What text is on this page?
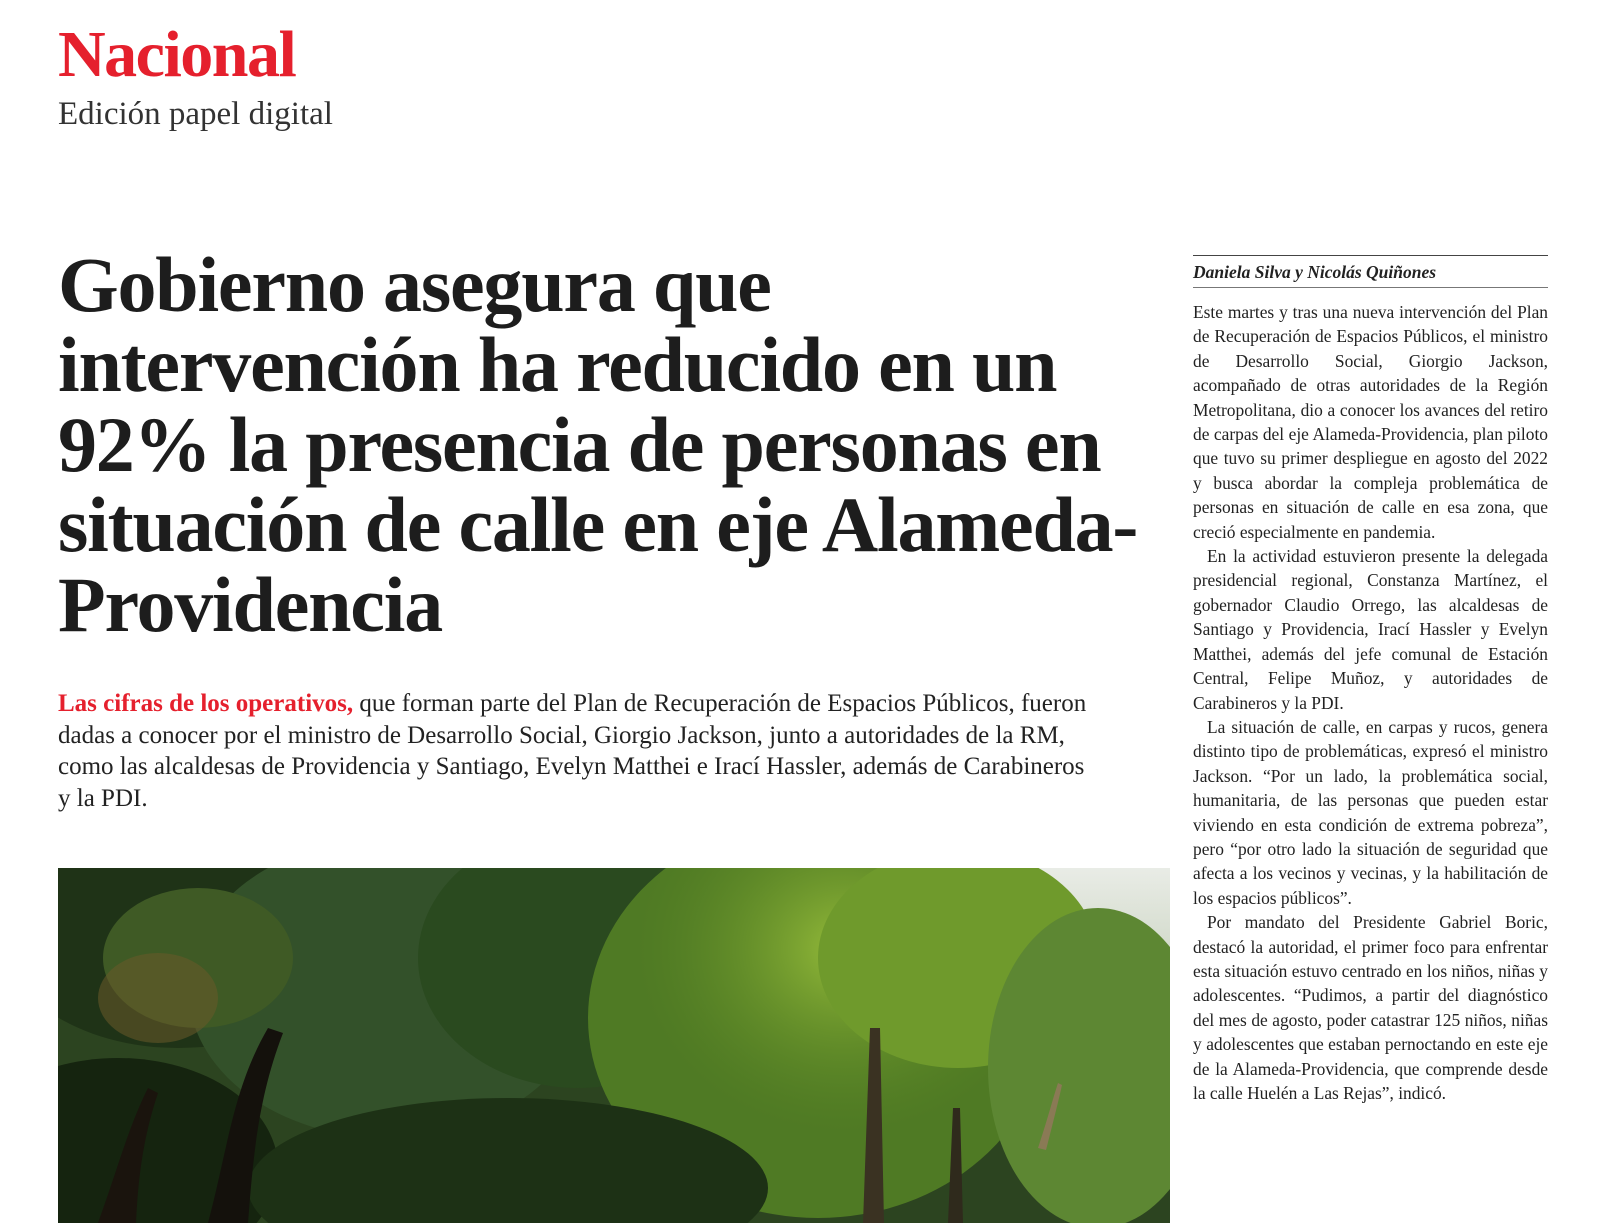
Nacional
Edición papel digital
Gobierno asegura que intervención ha reducido en un 92% la presencia de personas en situación de calle en eje Alameda-Providencia

Las cifras de los operativos, que forman parte del Plan de Recuperación de Espacios Públicos, fueron dadas a conocer por el ministro de Desarrollo Social, Giorgio Jackson, junto a autoridades de la RM, como las alcaldesas de Providencia y Santiago, Evelyn Matthei e Irací Hassler, además de Carabineros y la PDI.

Daniela Silva y Nicolás Quiñones

Este martes y tras una nueva intervención del Plan de Recuperación de Espacios Públicos, el ministro de Desarrollo Social, Giorgio Jackson, acompañado de otras autoridades de la Región Metropolitana, dio a conocer los avances del retiro de carpas del eje Alameda-Providencia, plan piloto que tuvo su primer despliegue en agosto del 2022 y busca abordar la compleja problemática de personas en situación de calle en esa zona, que creció especialmente en pandemia.

En la actividad estuvieron presente la delegada presidencial regional, Constanza Martínez, el gobernador Claudio Orrego, las alcaldesas de Santiago y Providencia, Irací Hassler y Evelyn Matthei, además del jefe comunal de Estación Central, Felipe Muñoz, y autoridades de Carabineros y la PDI.

La situación de calle, en carpas y rucos, genera distinto tipo de problemáticas, expresó el ministro Jackson. “Por un lado, la problemática social, humanitaria, de las personas que pueden estar viviendo en esta condición de extrema pobreza”, pero “por otro lado la situación de seguridad que afecta a los vecinos y vecinas, y la habilitación de los espacios públicos”.

Por mandato del Presidente Gabriel Boric, destacó la autoridad, el primer foco para enfrentar esta situación estuvo centrado en los niños, niñas y adolescentes. “Pudimos, a partir del diagnóstico del mes de agosto, poder catastrar 125 niños, niñas y adolescentes que estaban pernoctando en este eje de la Alameda-Providencia, que comprende desde la calle Huelén a Las Rejas”, indicó.
